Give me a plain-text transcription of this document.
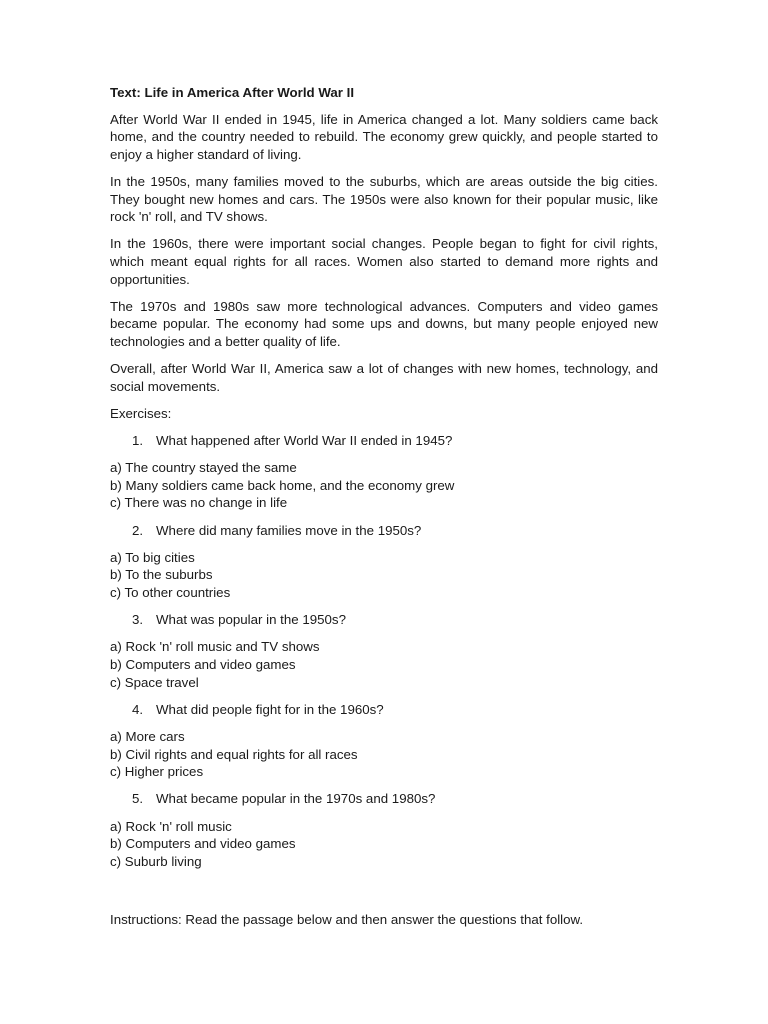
Text: Life in America After World War II
After World War II ended in 1945, life in America changed a lot. Many soldiers came back home, and the country needed to rebuild. The economy grew quickly, and people started to enjoy a higher standard of living.
In the 1950s, many families moved to the suburbs, which are areas outside the big cities. They bought new homes and cars. The 1950s were also known for their popular music, like rock 'n' roll, and TV shows.
In the 1960s, there were important social changes. People began to fight for civil rights, which meant equal rights for all races. Women also started to demand more rights and opportunities.
The 1970s and 1980s saw more technological advances. Computers and video games became popular. The economy had some ups and downs, but many people enjoyed new technologies and a better quality of life.
Overall, after World War II, America saw a lot of changes with new homes, technology, and social movements.
Exercises:
1. What happened after World War II ended in 1945?
a) The country stayed the same
b) Many soldiers came back home, and the economy grew
c) There was no change in life
2. Where did many families move in the 1950s?
a) To big cities
b) To the suburbs
c) To other countries
3. What was popular in the 1950s?
a) Rock 'n' roll music and TV shows
b) Computers and video games
c) Space travel
4. What did people fight for in the 1960s?
a) More cars
b) Civil rights and equal rights for all races
c) Higher prices
5. What became popular in the 1970s and 1980s?
a) Rock 'n' roll music
b) Computers and video games
c) Suburb living
Instructions: Read the passage below and then answer the questions that follow.
